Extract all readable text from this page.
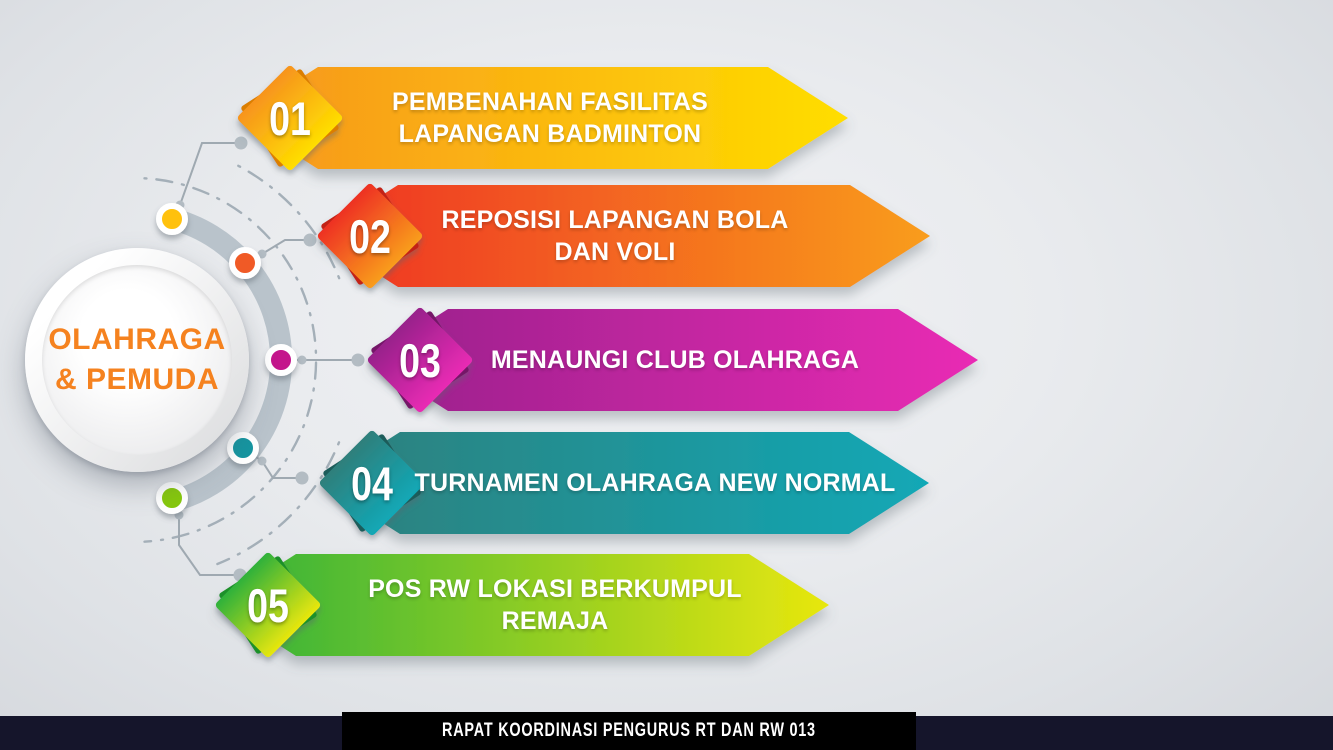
OLAHRAGA
& PEMUDA
01
02
03
04
05
PEMBENAHAN FASILITAS LAPANGAN BADMINTON
REPOSISI LAPANGAN BOLA DAN VOLI
MENAUNGI CLUB OLAHRAGA
TURNAMEN OLAHRAGA NEW NORMAL
POS RW LOKASI BERKUMPUL REMAJA
RAPAT KOORDINASI PENGURUS RT DAN RW 013
